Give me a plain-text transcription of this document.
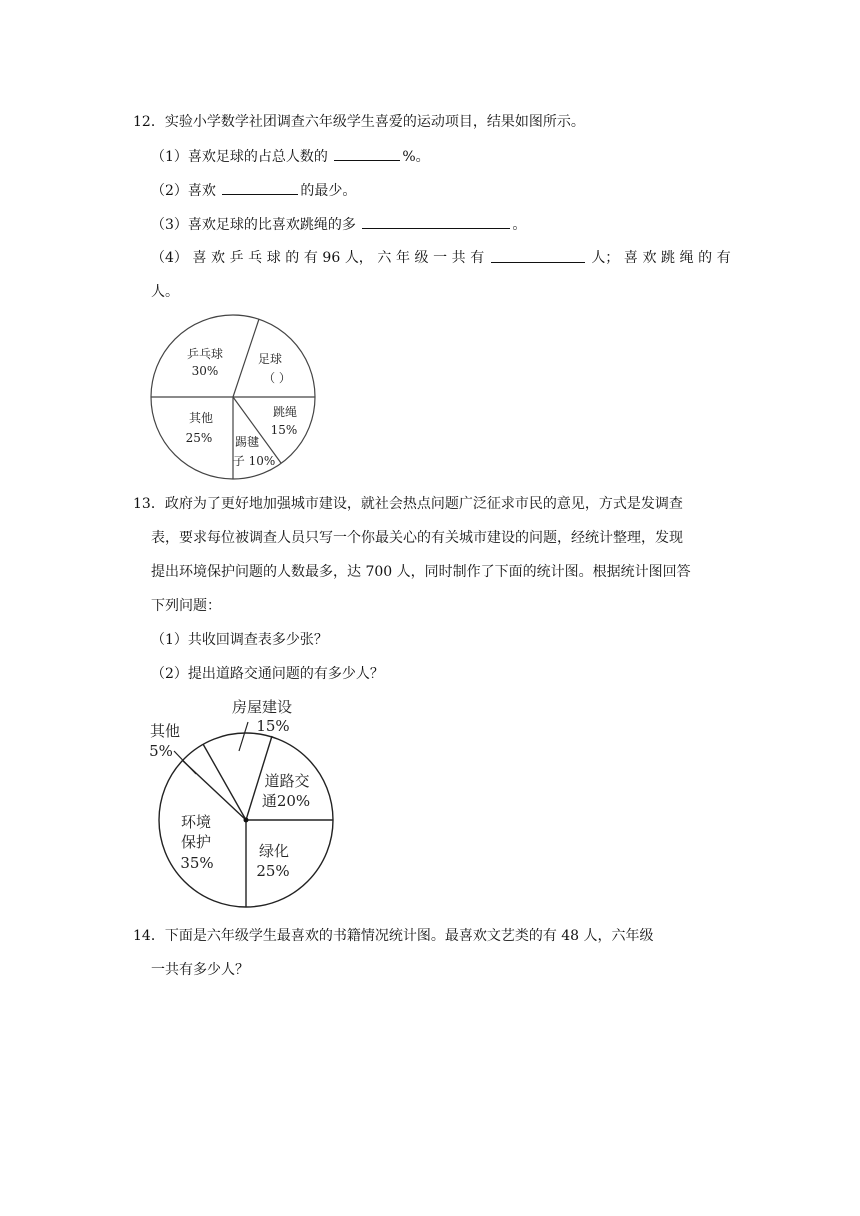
12．实验小学数学社团调查六年级学生喜爱的运动项目，结果如图所示。
（1）喜欢足球的占总人数的	%。
（2）喜欢	的最少。
（3）喜欢足球的比喜欢跳绳的多	。
（4） 喜 欢 乒 乓 球 的 有 96 人， 六 年 级 一 共 有	人； 喜 欢 跳 绳 的 有
人。
乒乓球
30%
足球
（ ）
其他
25%
跳绳
15%
踢毽
子 10%
13．政府为了更好地加强城市建设，就社会热点问题广泛征求市民的意见，方式是发调查
表，要求每位被调查人员只写一个你最关心的有关城市建设的问题，经统计整理，发现
提出环境保护问题的人数最多，达 700 人，同时制作了下面的统计图。根据统计图回答
下列问题：
（1）共收回调查表多少张？
（2）提出道路交通问题的有多少人？
房屋建设
15%
其他
5%
道路交
通20%
环境
保护
35%
绿化
25%
14．下面是六年级学生最喜欢的书籍情况统计图。最喜欢文艺类的有 48 人，六年级
一共有多少人？
